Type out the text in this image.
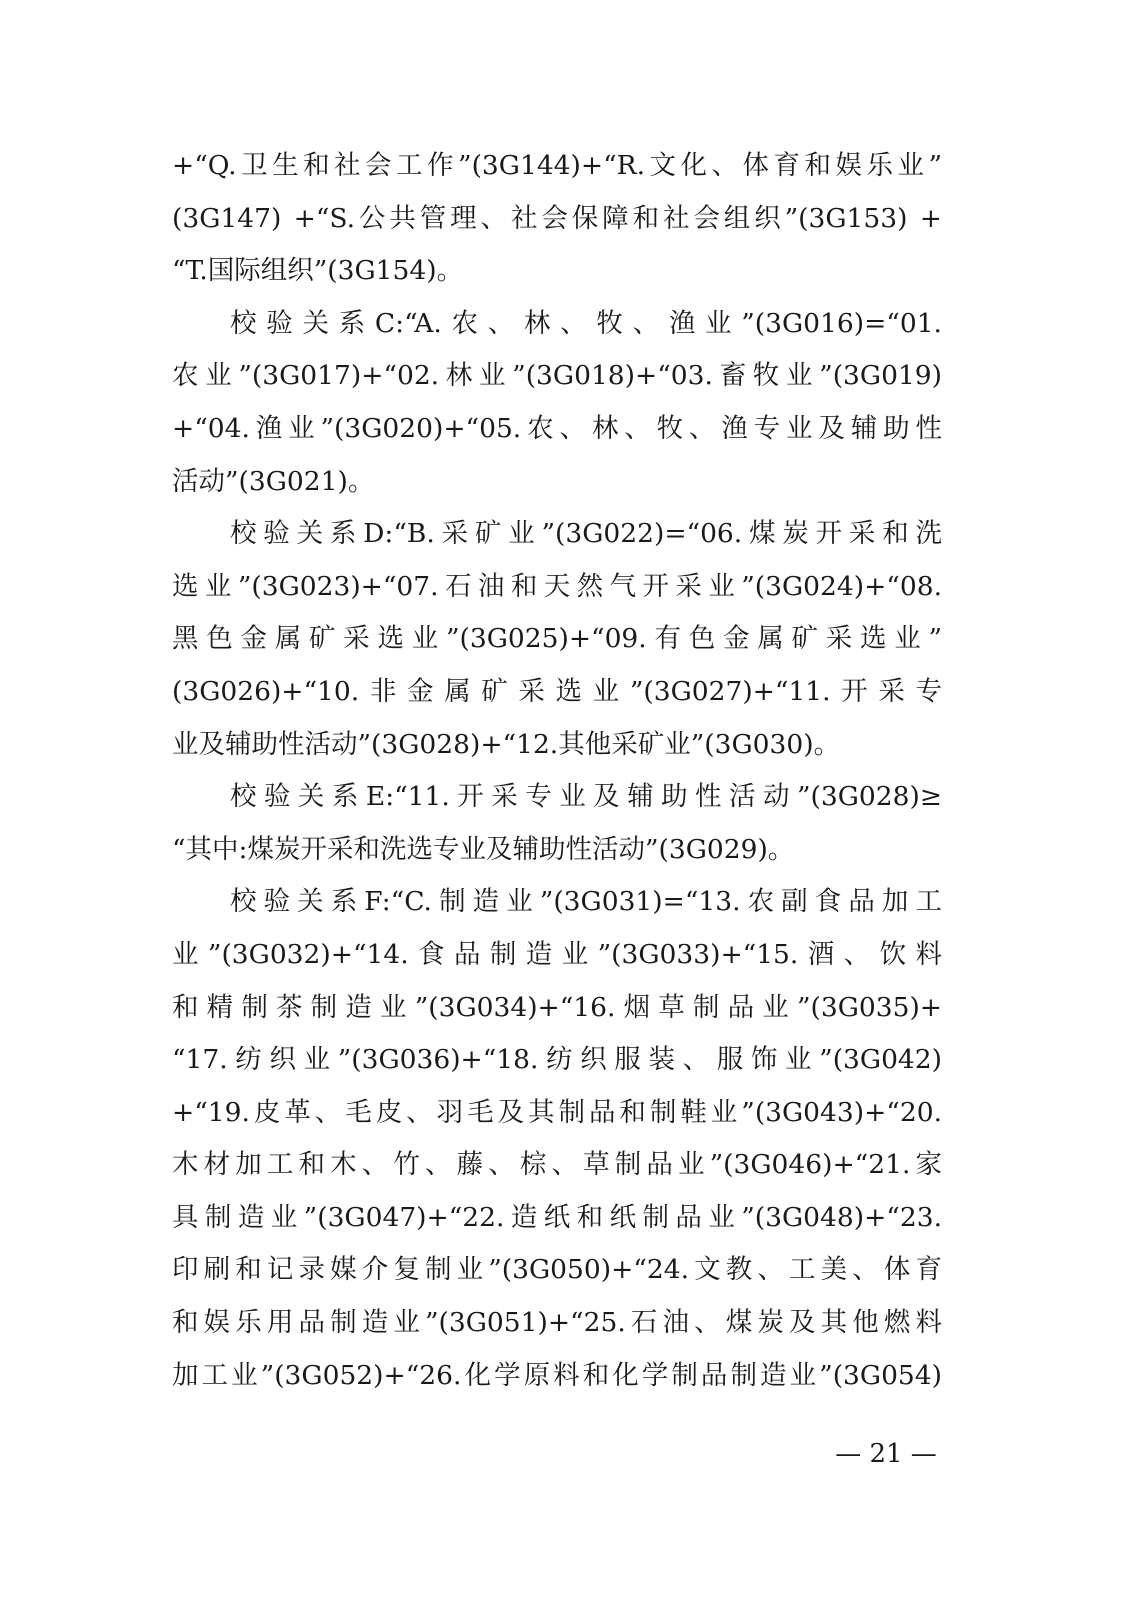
+“Q.卫生和社会工作”(3G144)+“R.文化、体育和娱乐业”
(3G147) +“S.公共管理、社会保障和社会组织”(3G153) +
“T.国际组织”(3G154)。
校验关系C:“A.农、林、牧、渔业”(3G016)=“01.
农业”(3G017)+“02.林业”(3G018)+“03.畜牧业”(3G019)
+“04.渔业”(3G020)+“05.农、林、牧、渔专业及辅助性
活动”(3G021)。
校验关系D:“B.采矿业”(3G022)=“06.煤炭开采和洗
选业”(3G023)+“07.石油和天然气开采业”(3G024)+“08.
黑色金属矿采选业”(3G025)+“09.有色金属矿采选业”
(3G026)+“10.非金属矿采选业”(3G027)+“11.开采专
业及辅助性活动”(3G028)+“12.其他采矿业”(3G030)。
校验关系E:“11.开采专业及辅助性活动”(3G028)≥
“其中:煤炭开采和洗选专业及辅助性活动”(3G029)。
校验关系F:“C.制造业”(3G031)=“13.农副食品加工
业”(3G032)+“14.食品制造业”(3G033)+“15.酒、饮料
和精制茶制造业”(3G034)+“16.烟草制品业”(3G035)+
“17.纺织业”(3G036)+“18.纺织服装、服饰业”(3G042)
+“19.皮革、毛皮、羽毛及其制品和制鞋业”(3G043)+“20.
木材加工和木、竹、藤、棕、草制品业”(3G046)+“21.家
具制造业”(3G047)+“22.造纸和纸制品业”(3G048)+“23.
印刷和记录媒介复制业”(3G050)+“24.文教、工美、体育
和娱乐用品制造业”(3G051)+“25.石油、煤炭及其他燃料
加工业”(3G052)+“26.化学原料和化学制品制造业”(3G054)
— 21 —
